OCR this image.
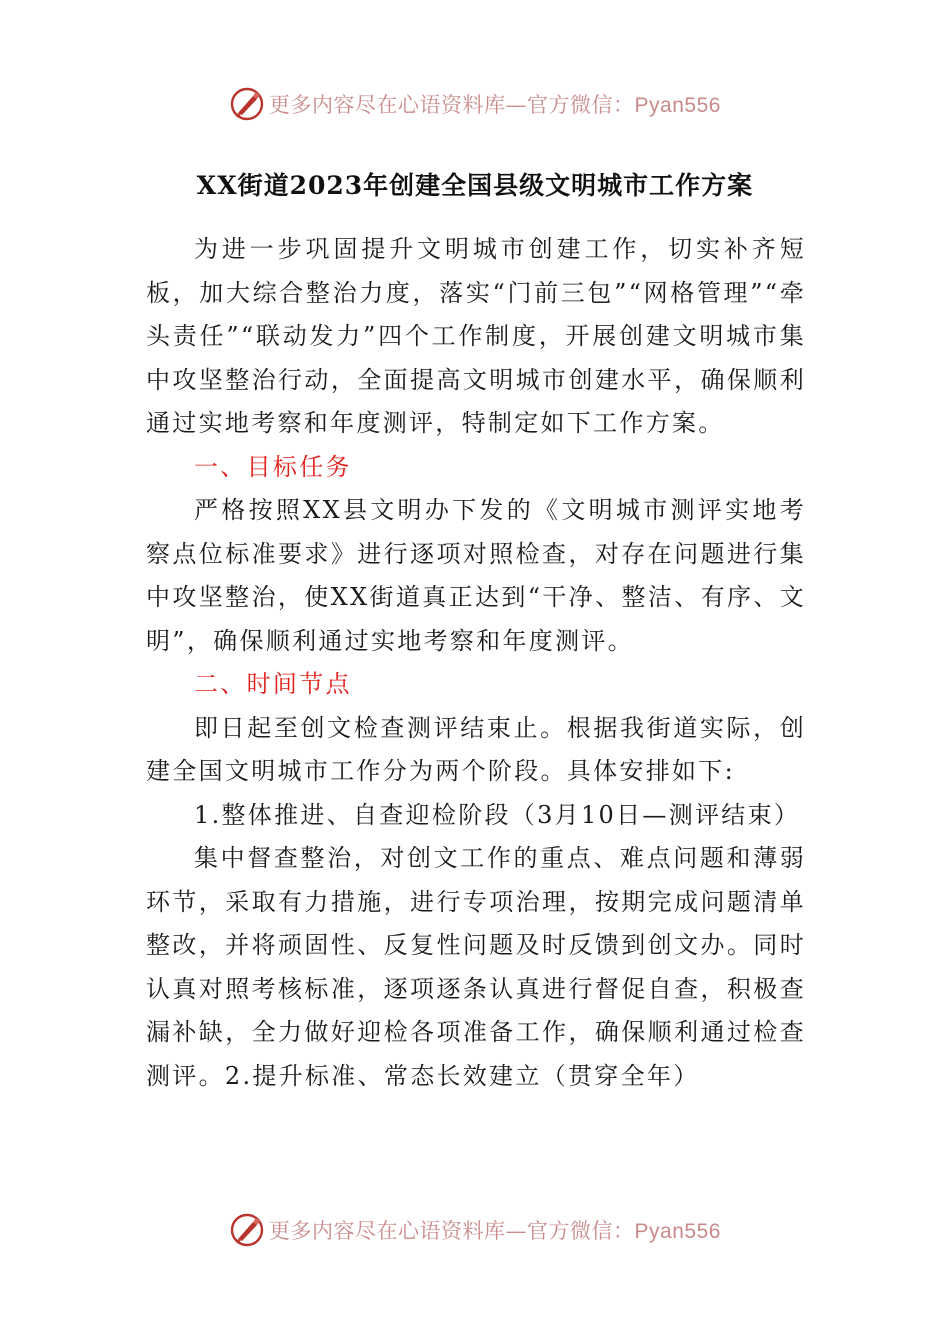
更多内容尽在心语资料库—官方微信：Pyan556
XX街道2023年创建全国县级文明城市工作方案

为进一步巩固提升文明城市创建工作，切实补齐短板，加大综合整治力度，落实“门前三包”“网格管理”“牵头责任”“联动发力”四个工作制度，开展创建文明城市集中攻坚整治行动，全面提高文明城市创建水平，确保顺利通过实地考察和年度测评，特制定如下工作方案。

一、目标任务

严格按照XX县文明办下发的《文明城市测评实地考察点位标准要求》进行逐项对照检查，对存在问题进行集中攻坚整治，使XX街道真正达到“干净、整洁、有序、文明”，确保顺利通过实地考察和年度测评。

二、时间节点

即日起至创文检查测评结束止。根据我街道实际，创建全国文明城市工作分为两个阶段。具体安排如下:

1.整体推进、自查迎检阶段（3月10日—测评结束）

集中督查整治，对创文工作的重点、难点问题和薄弱环节，采取有力措施，进行专项治理，按期完成问题清单整改，并将顽固性、反复性问题及时反馈到创文办。同时认真对照考核标准，逐项逐条认真进行督促自查，积极查漏补缺，全力做好迎检各项准备工作，确保顺利通过检查测评。2.提升标准、常态长效建立（贯穿全年）

更多内容尽在心语资料库—官方微信：Pyan556
